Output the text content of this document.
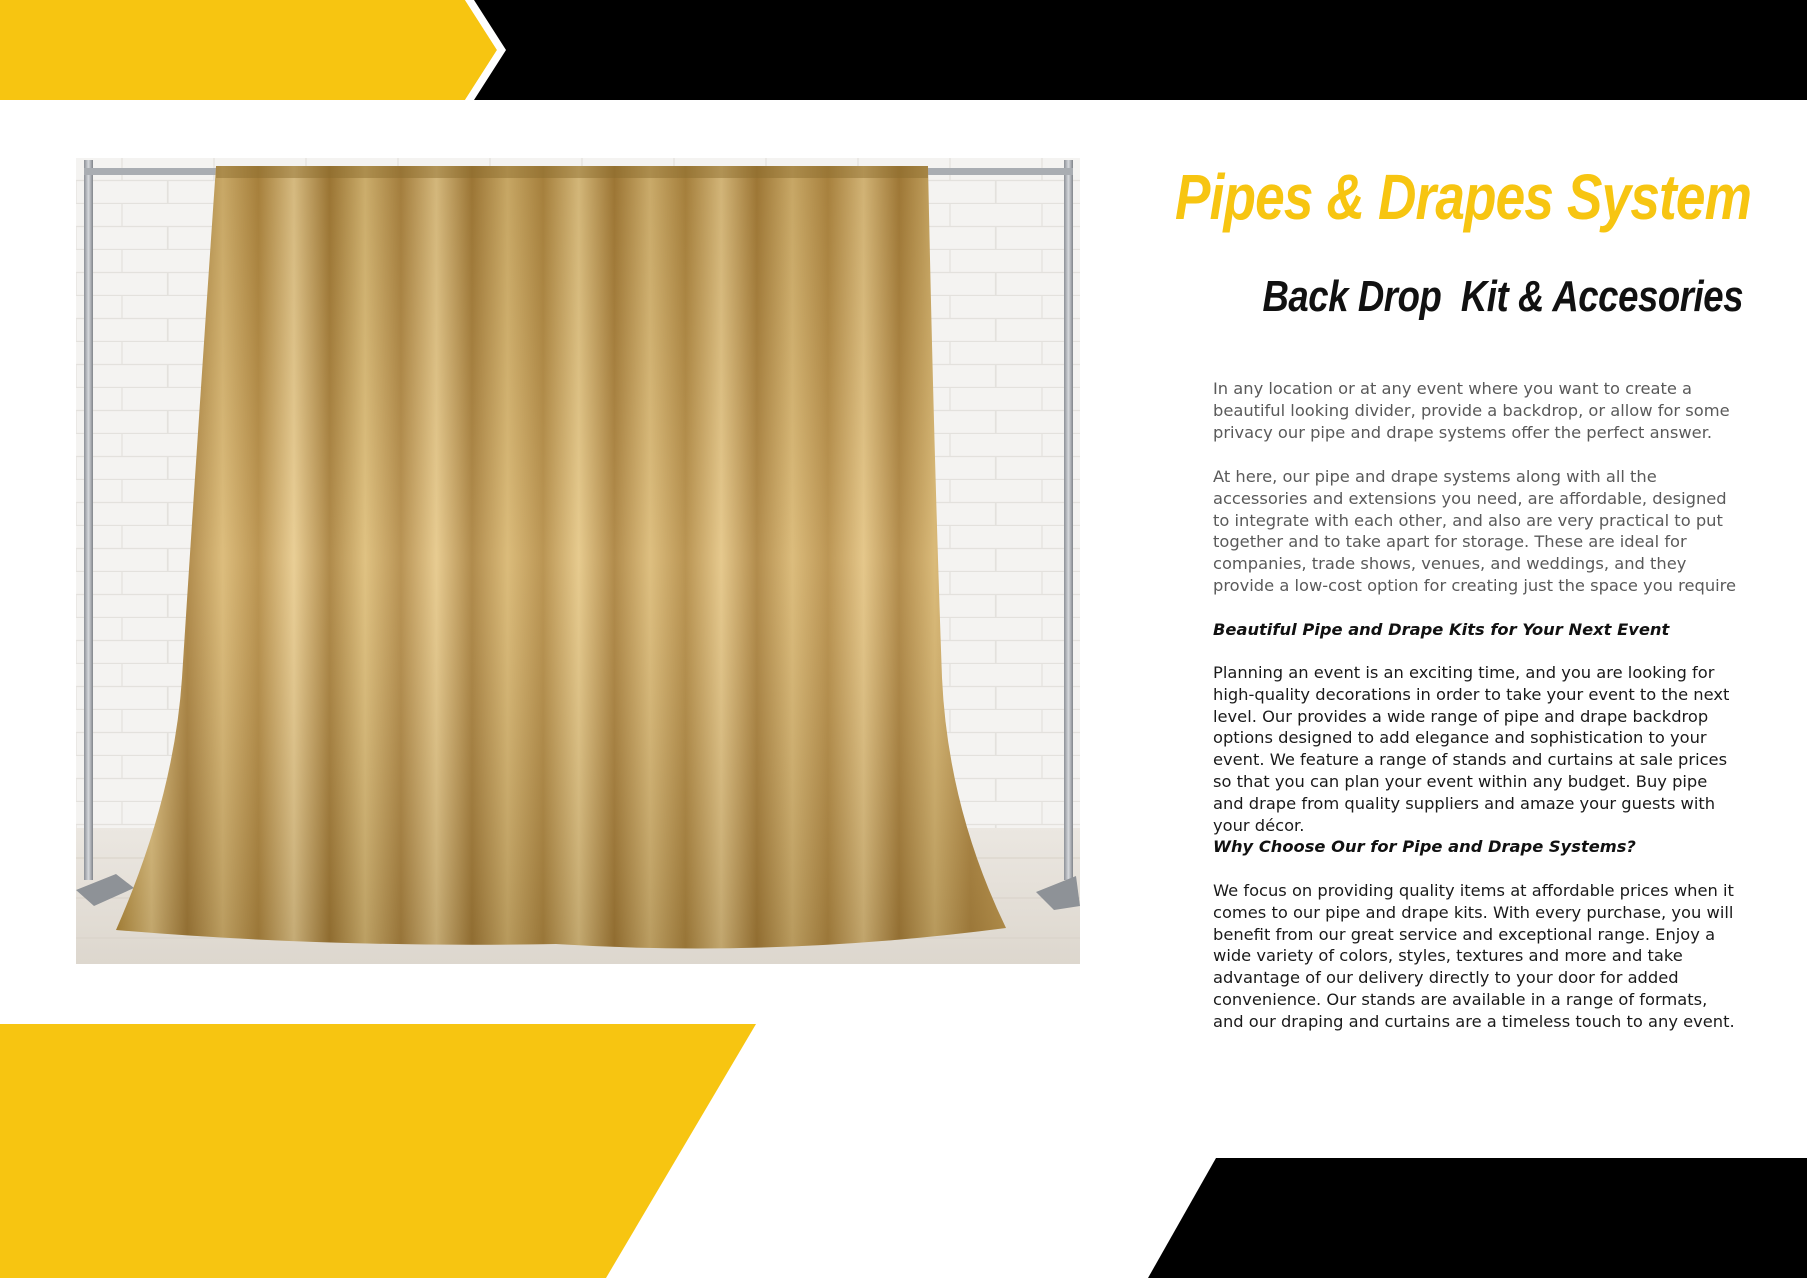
Pipes & Drapes System
Back Drop  Kit & Accesories

In any location or at any event where you want to create a beautiful looking divider, provide a backdrop, or allow for some privacy our pipe and drape systems offer the perfect answer.

At here, our pipe and drape systems along with all the accessories and extensions you need, are affordable, designed to integrate with each other, and also are very practical to put together and to take apart for storage. These are ideal for companies, trade shows, venues, and weddings, and they provide a low-cost option for creating just the space you require

Beautiful Pipe and Drape Kits for Your Next Event

Planning an event is an exciting time, and you are looking for high-quality decorations in order to take your event to the next level. Our provides a wide range of pipe and drape backdrop options designed to add elegance and sophistication to your event. We feature a range of stands and curtains at sale prices so that you can plan your event within any budget. Buy pipe and drape from quality suppliers and amaze your guests with your décor.

Why Choose Our for Pipe and Drape Systems?

We focus on providing quality items at affordable prices when it comes to our pipe and drape kits. With every purchase, you will benefit from our great service and exceptional range. Enjoy a wide variety of colors, styles, textures and more and take advantage of our delivery directly to your door for added convenience. Our stands are available in a range of formats, and our draping and curtains are a timeless touch to any event.
